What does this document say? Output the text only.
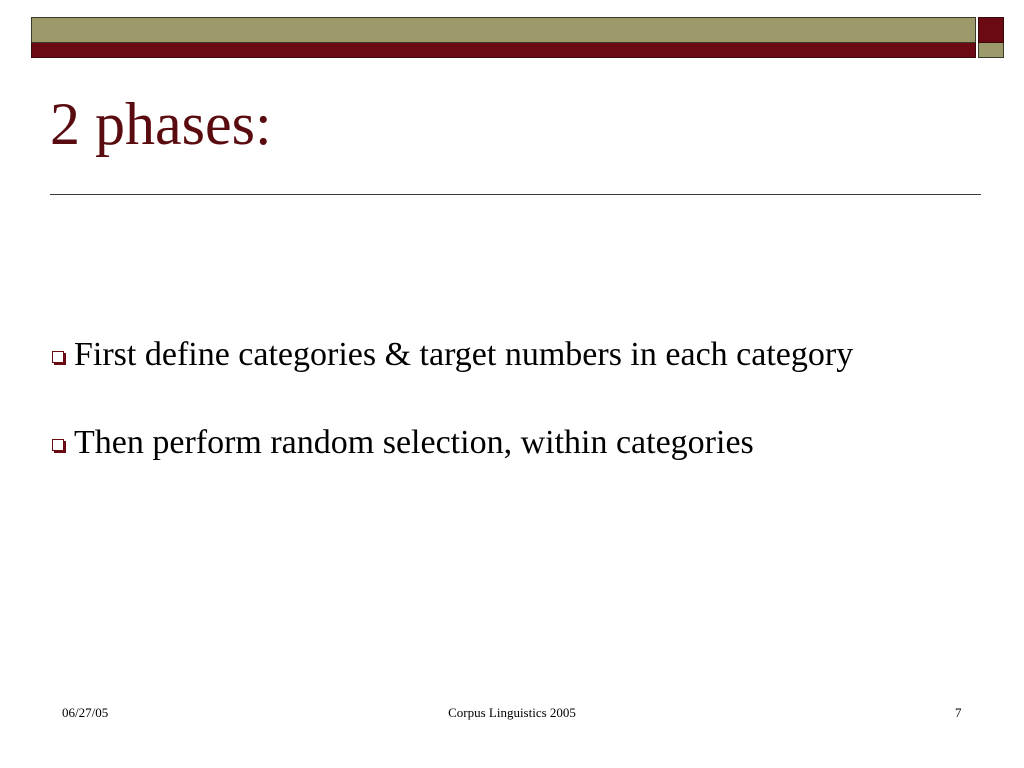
2 phases:
First define categories & target numbers in each category
Then perform random selection, within categories
06/27/05	Corpus Linguistics 2005	7
